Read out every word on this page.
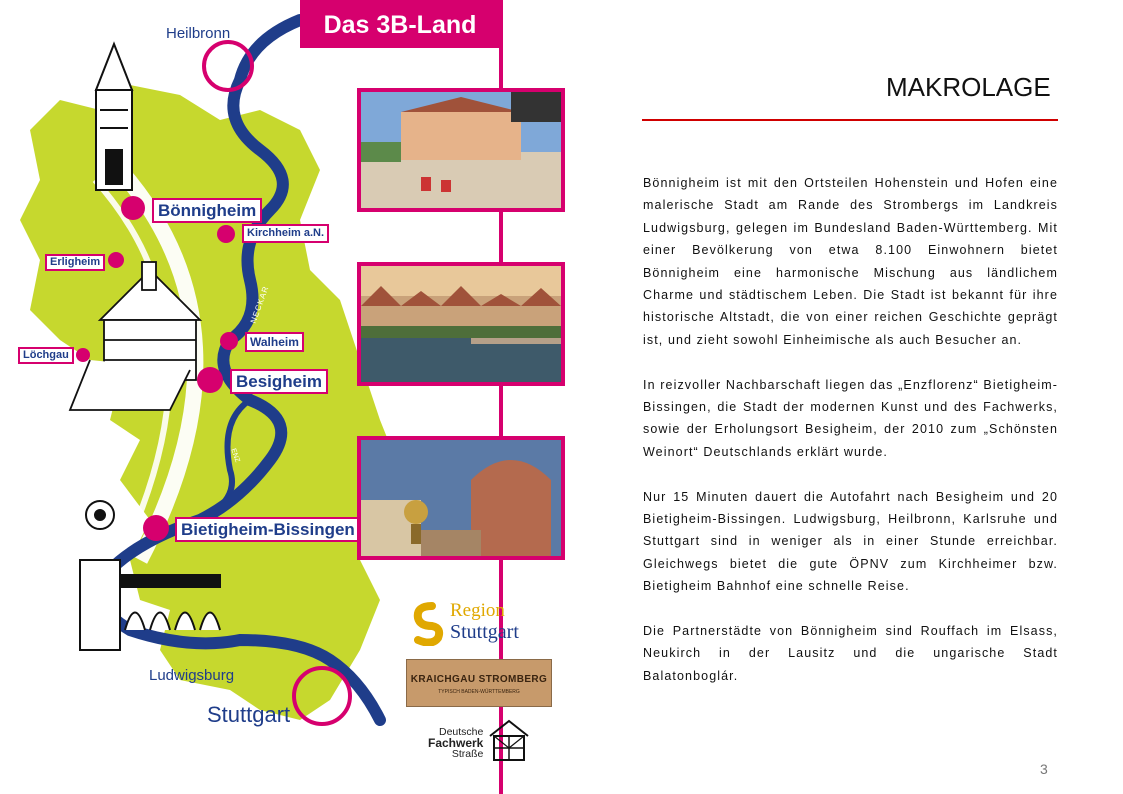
Das 3B-Land
Heilbronn
Bönnigheim
Kirchheim a.N.
Erligheim
Löchgau
Walheim
Besigheim
Bietigheim-Bissingen
Ludwigsburg
Stuttgart
NECKAR
ENZ
Region
Stuttgart
KRAICHGAU STROMBERG
TYPISCH BADEN-WÜRTTEMBERG
Deutsche
Fachwerk
Straße
MAKROLAGE

Bönnigheim ist mit den Ortsteilen Hohenstein und Hofen eine malerische Stadt am Rande des Strombergs im Landkreis Ludwigsburg, gelegen im Bundesland Baden-Württemberg. Mit einer Bevölkerung von etwa 8.100 Einwohnern bietet Bönnigheim eine harmonische Mischung aus ländlichem Charme und städtischem Leben. Die Stadt ist bekannt für ihre historische Altstadt, die von einer reichen Geschichte geprägt ist, und zieht sowohl Einheimische als auch Besucher an.

In reizvoller Nachbarschaft liegen das „Enzflorenz“ Bietigheim-Bissingen, die Stadt der modernen Kunst und des Fachwerks, sowie der Erholungsort Besigheim, der 2010 zum „Schönsten Weinort“ Deutschlands erklärt wurde.

Nur 15 Minuten dauert die Autofahrt nach Besigheim und 20 Bietigheim-Bissingen. Ludwigsburg, Heilbronn, Karlsruhe und Stuttgart sind in weniger als in einer Stunde erreichbar. Gleichwegs bietet die gute ÖPNV zum Kirchheimer bzw. Bietigheim Bahnhof eine schnelle Reise.

Die Partnerstädte von Bönnigheim sind Rouffach im Elsass, Neukirch in der Lausitz und die ungarische Stadt Balatonboglár.

3
